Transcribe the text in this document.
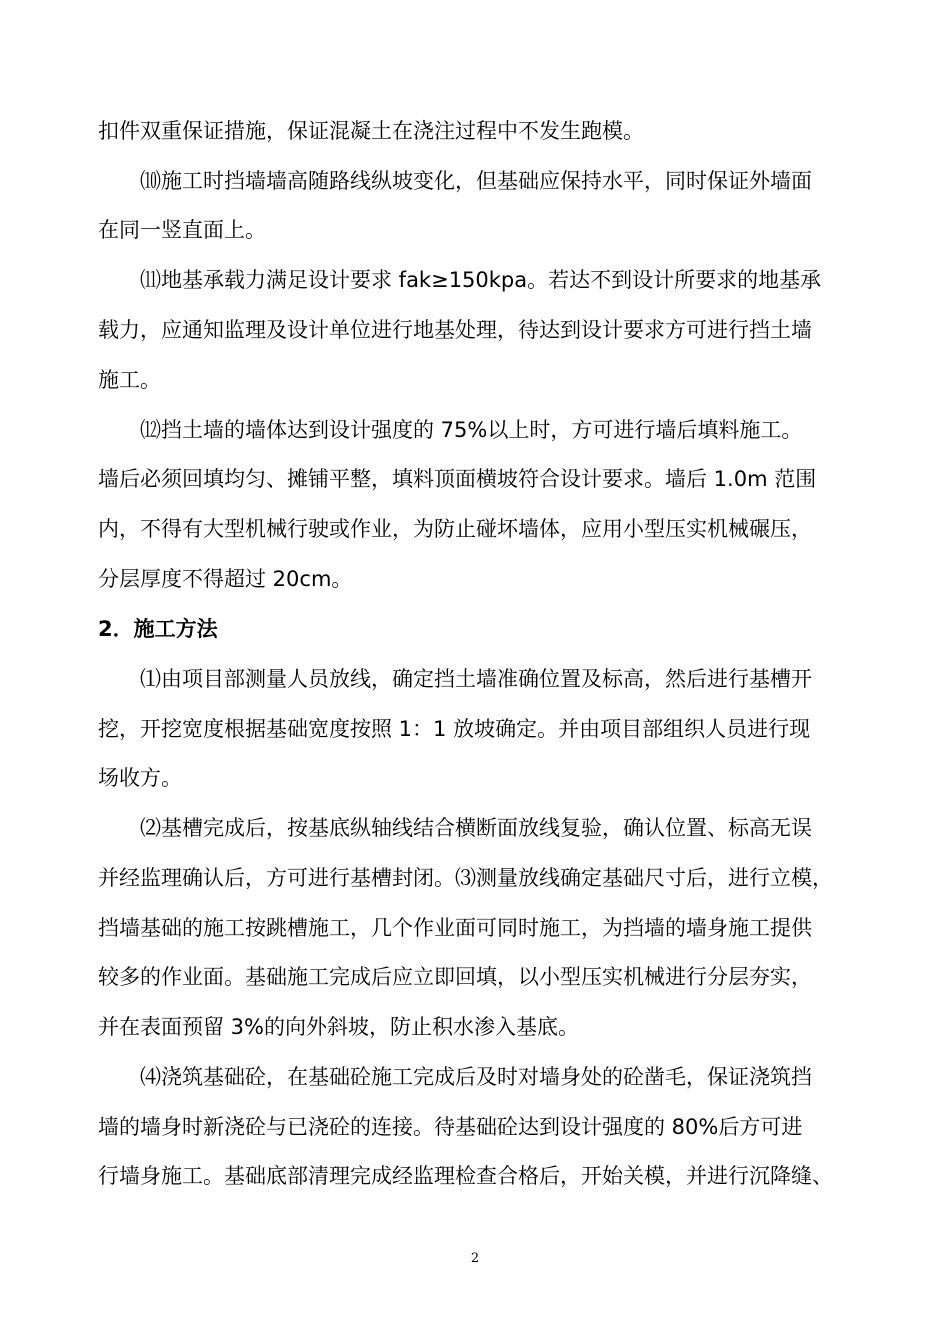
扣件双重保证措施，保证混凝土在浇注过程中不发生跑模。
⑽施工时挡墙墙高随路线纵坡变化，但基础应保持水平，同时保证外墙面
在同一竖直面上。
⑾地基承载力满足设计要求 fak≥150kpa。若达不到设计所要求的地基承
载力，应通知监理及设计单位进行地基处理，待达到设计要求方可进行挡土墙
施工。
⑿挡土墙的墙体达到设计强度的 75%以上时，方可进行墙后填料施工。
墙后必须回填均匀、摊铺平整，填料顶面横坡符合设计要求。墙后 1.0m 范围
内，不得有大型机械行驶或作业，为防止碰坏墙体，应用小型压实机械碾压，
分层厚度不得超过 20cm。
2．施工方法
⑴由项目部测量人员放线，确定挡土墙准确位置及标高，然后进行基槽开
挖，开挖宽度根据基础宽度按照 1：1 放坡确定。并由项目部组织人员进行现
场收方。
⑵基槽完成后，按基底纵轴线结合横断面放线复验，确认位置、标高无误
并经监理确认后，方可进行基槽封闭。⑶测量放线确定基础尺寸后，进行立模，
挡墙基础的施工按跳槽施工，几个作业面可同时施工，为挡墙的墙身施工提供
较多的作业面。基础施工完成后应立即回填，以小型压实机械进行分层夯实，
并在表面预留 3%的向外斜坡，防止积水渗入基底。
⑷浇筑基础砼，在基础砼施工完成后及时对墙身处的砼凿毛，保证浇筑挡
墙的墙身时新浇砼与已浇砼的连接。待基础砼达到设计强度的 80%后方可进
行墙身施工。基础底部清理完成经监理检查合格后，开始关模，并进行沉降缝、
2
